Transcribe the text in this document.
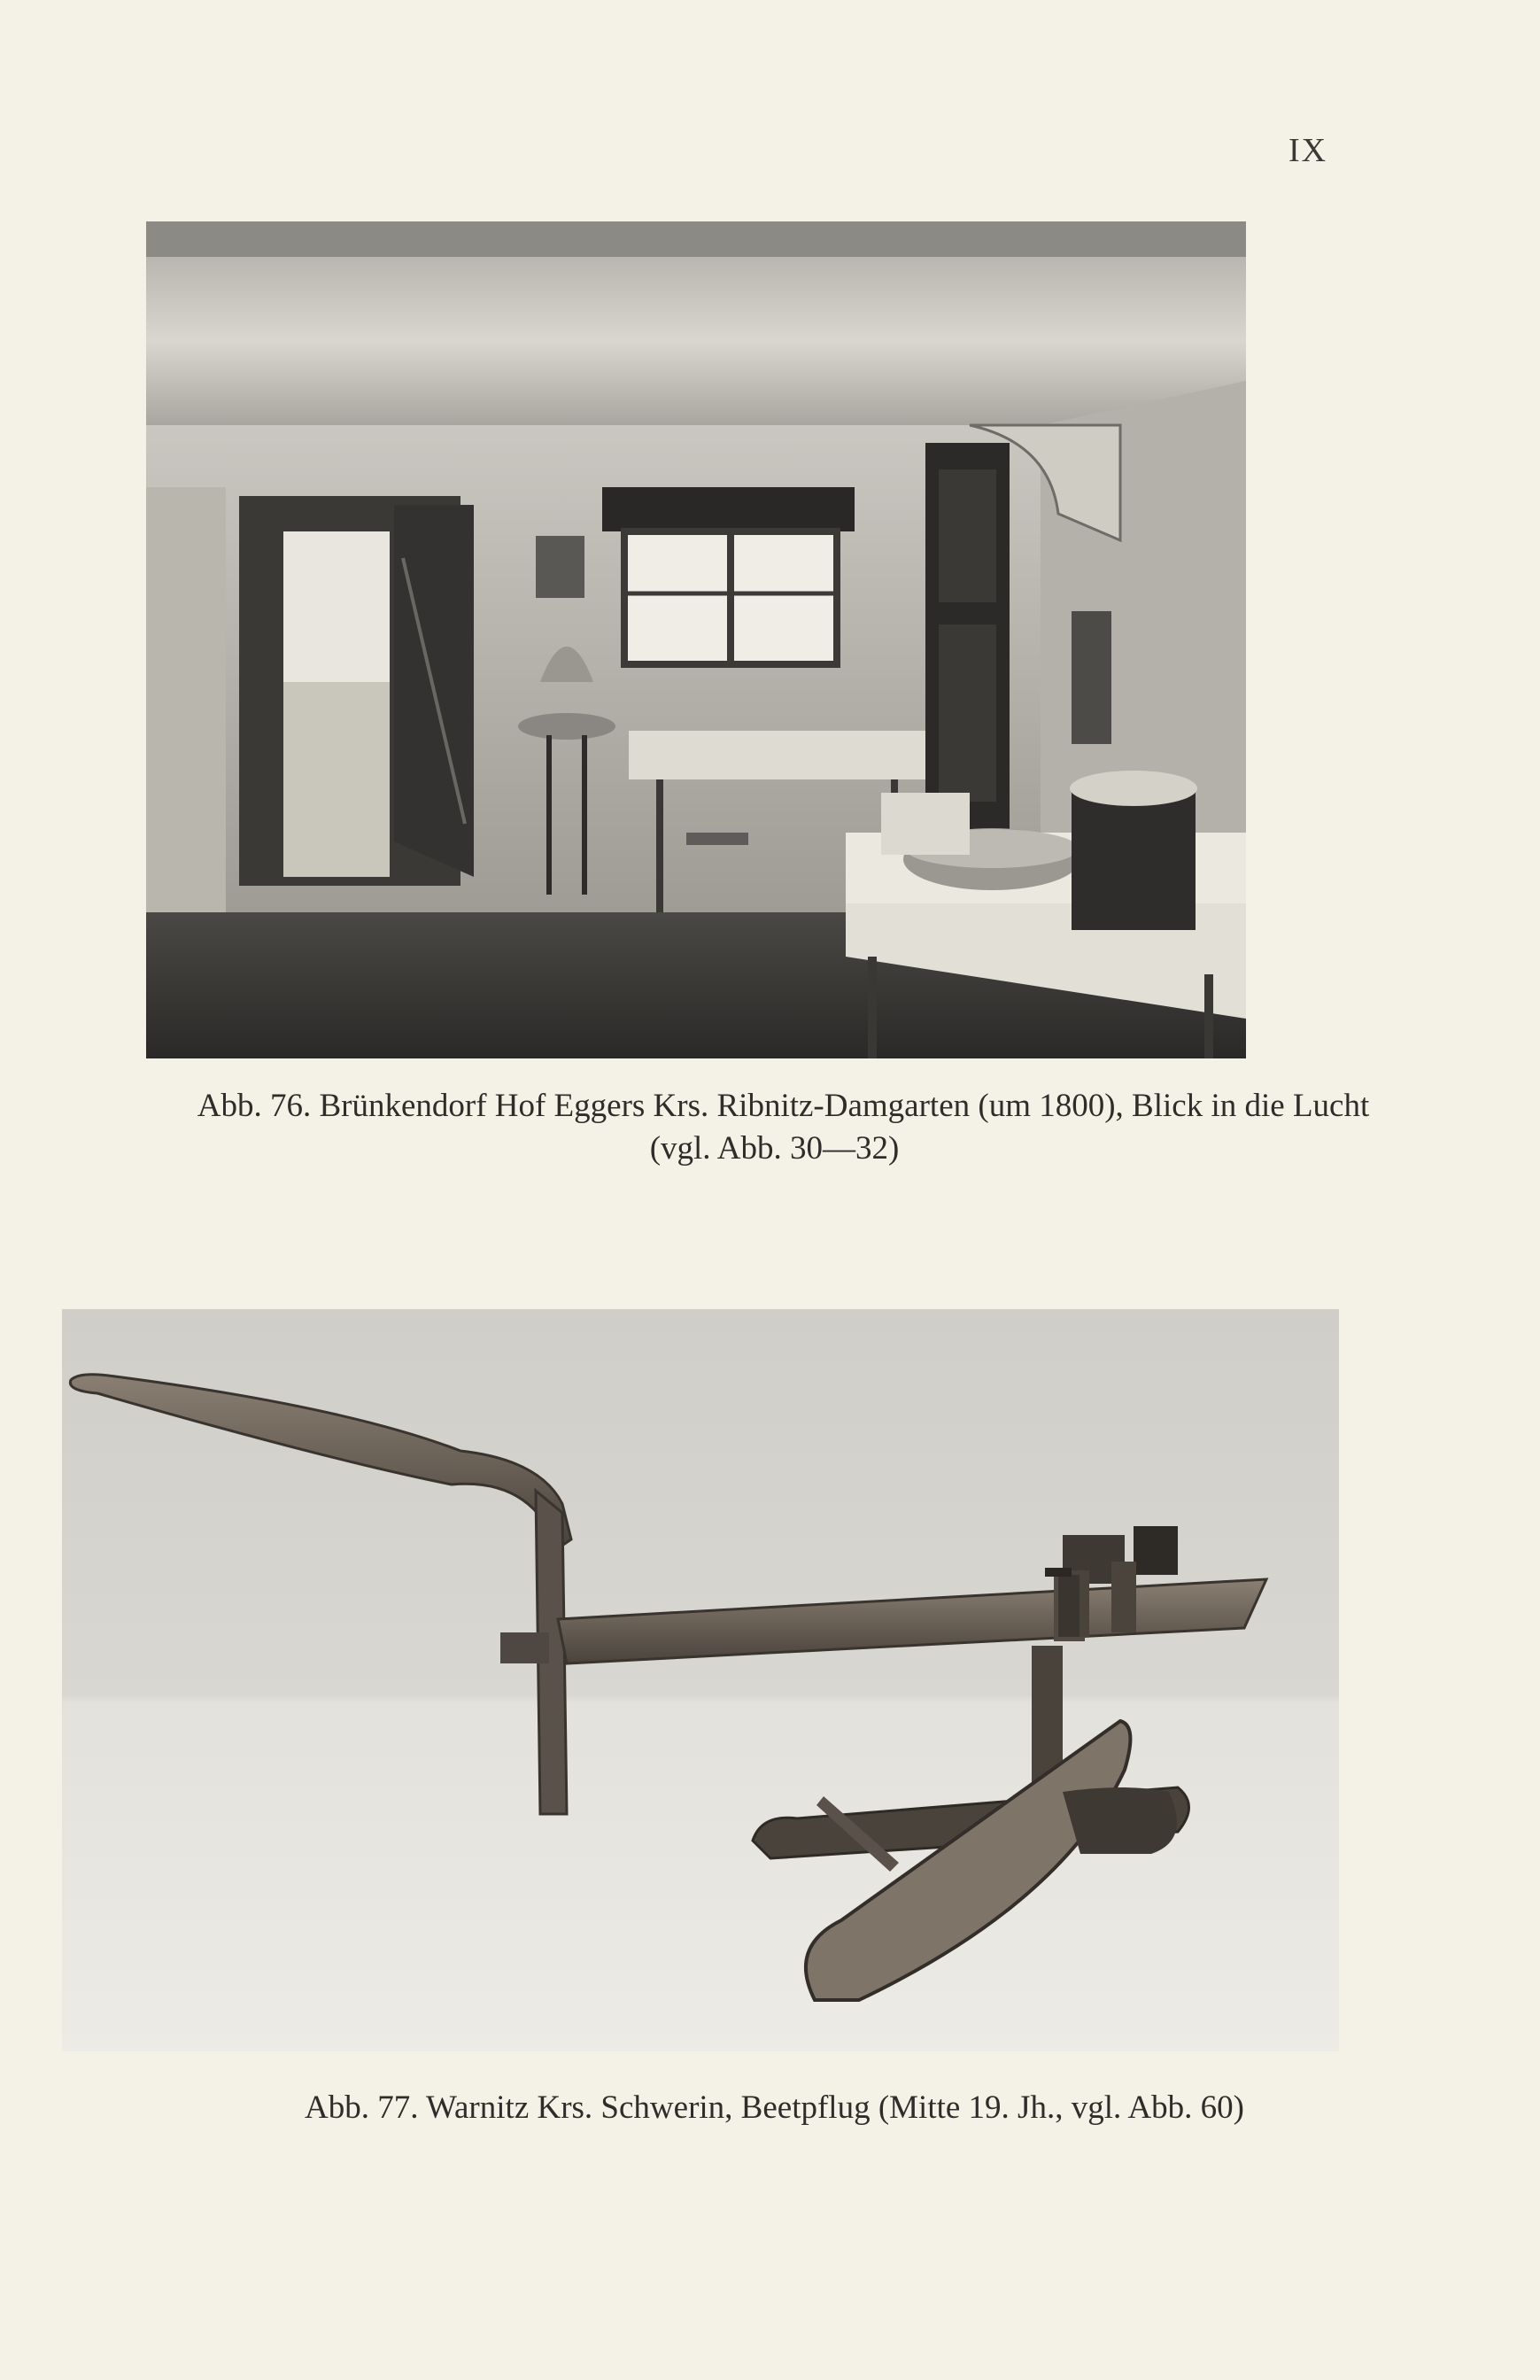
IX
Abb. 76. Brünkendorf Hof Eggers Krs. Ribnitz-Damgarten (um 1800), Blick in die Lucht
(vgl. Abb. 30—32)
Abb. 77. Warnitz Krs. Schwerin, Beetpflug (Mitte 19. Jh., vgl. Abb. 60)
